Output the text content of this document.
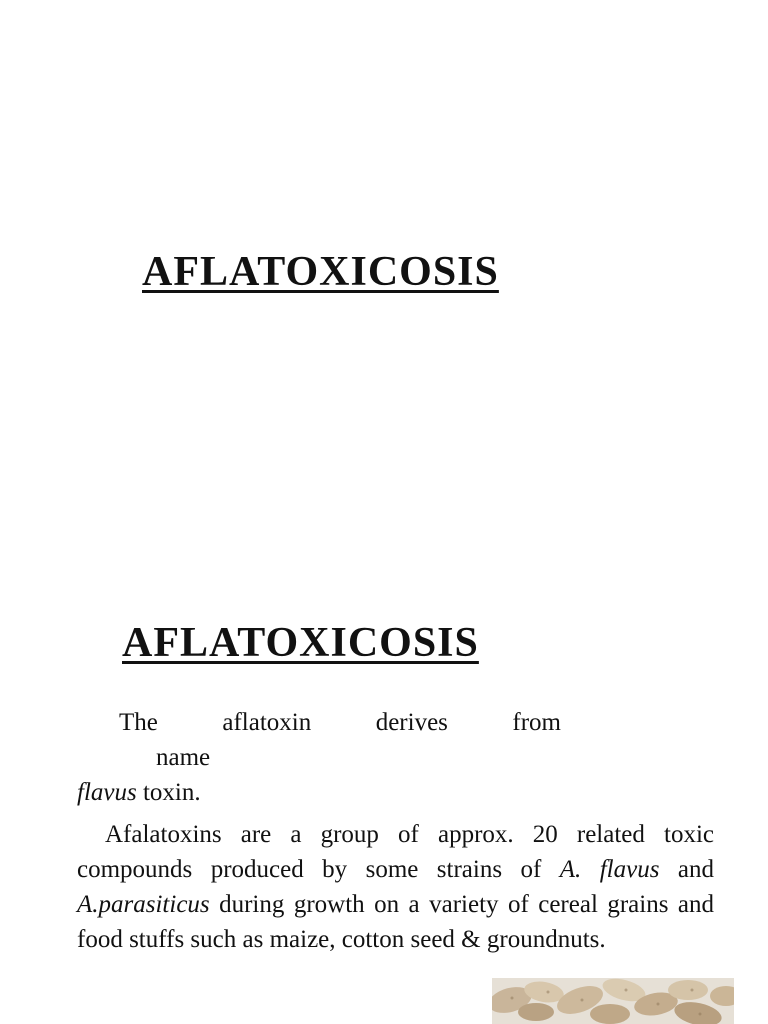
AFLATOXICOSIS
AFLATOXICOSIS
The	aflatoxin	derives	from
name
flavus toxin.

Afalatoxins are a group of approx. 20 related toxic compounds produced by some strains of A. flavus and A.parasiticus during growth on a variety of cereal grains and food stuffs such as maize, cotton seed & groundnuts.
